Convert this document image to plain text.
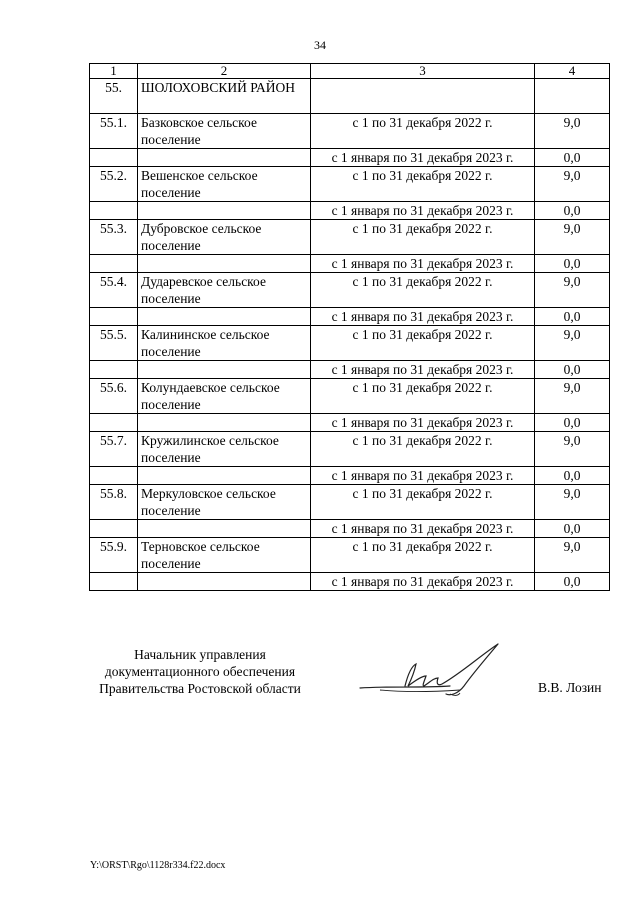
34
1	2	3	4
55.	ШОЛОХОВСКИЙ РАЙОН		
55.1.	Базковское сельское поселение	с 1 по 31 декабря 2022 г.	9,0
		с 1 января по 31 декабря 2023 г.	0,0
55.2.	Вешенское сельское поселение	с 1 по 31 декабря 2022 г.	9,0
		с 1 января по 31 декабря 2023 г.	0,0
55.3.	Дубровское сельское поселение	с 1 по 31 декабря 2022 г.	9,0
		с 1 января по 31 декабря 2023 г.	0,0
55.4.	Дударевское сельское поселение	с 1 по 31 декабря 2022 г.	9,0
		с 1 января по 31 декабря 2023 г.	0,0
55.5.	Калининское сельское поселение	с 1 по 31 декабря 2022 г.	9,0
		с 1 января по 31 декабря 2023 г.	0,0
55.6.	Колундаевское сельское поселение	с 1 по 31 декабря 2022 г.	9,0
		с 1 января по 31 декабря 2023 г.	0,0
55.7.	Кружилинское сельское поселение	с 1 по 31 декабря 2022 г.	9,0
		с 1 января по 31 декабря 2023 г.	0,0
55.8.	Меркуловское сельское поселение	с 1 по 31 декабря 2022 г.	9,0
		с 1 января по 31 декабря 2023 г.	0,0
55.9.	Терновское сельское поселение	с 1 по 31 декабря 2022 г.	9,0
		с 1 января по 31 декабря 2023 г.	0,0
Начальник управления
документационного обеспечения
Правительства Ростовской области	В.В. Лозин
Y:\ORST\Rgo\1128r334.f22.docx
